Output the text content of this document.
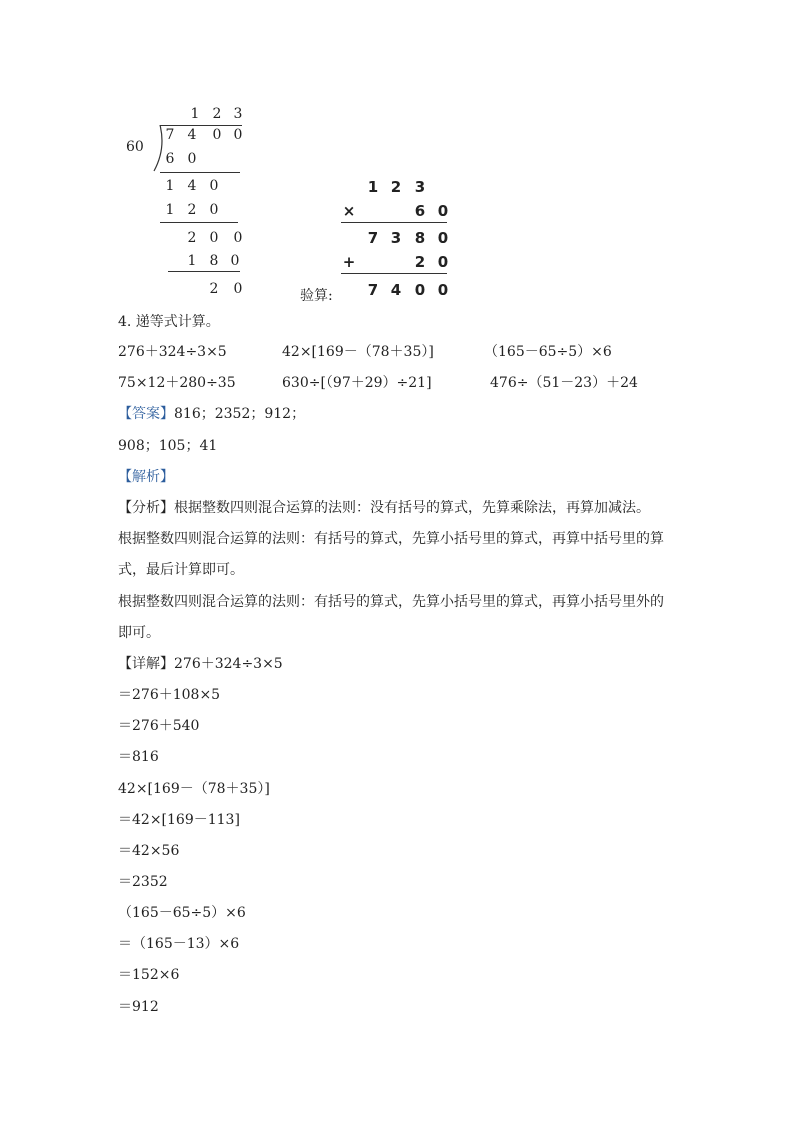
1 2 3
60
7 4 0 0
6 0
1 4 0
1 2 0
2 0 0
1 8 0
2 0
1 2 3
×	6 0
7 3 8 0
+	2 0
验算: 7 4 0 0
4. 递等式计算。
276＋324÷3×5	42×[169－（78＋35）]	（165－65÷5）×6
75×12＋280÷35	630÷[（97＋29）÷21]	476÷（51－23）＋24
【答案】816；2352；912；
908；105；41
【解析】
【分析】根据整数四则混合运算的法则：没有括号的算式，先算乘除法，再算加减法。
根据整数四则混合运算的法则：有括号的算式，先算小括号里的算式，再算中括号里的算
式，最后计算即可。
根据整数四则混合运算的法则：有括号的算式，先算小括号里的算式，再算小括号里外的
即可。
【详解】276＋324÷3×5
＝276＋108×5
＝276＋540
＝816
42×[169－（78＋35）]
＝42×[169－113]
＝42×56
＝2352
（165－65÷5）×6
＝（165－13）×6
＝152×6
＝912
